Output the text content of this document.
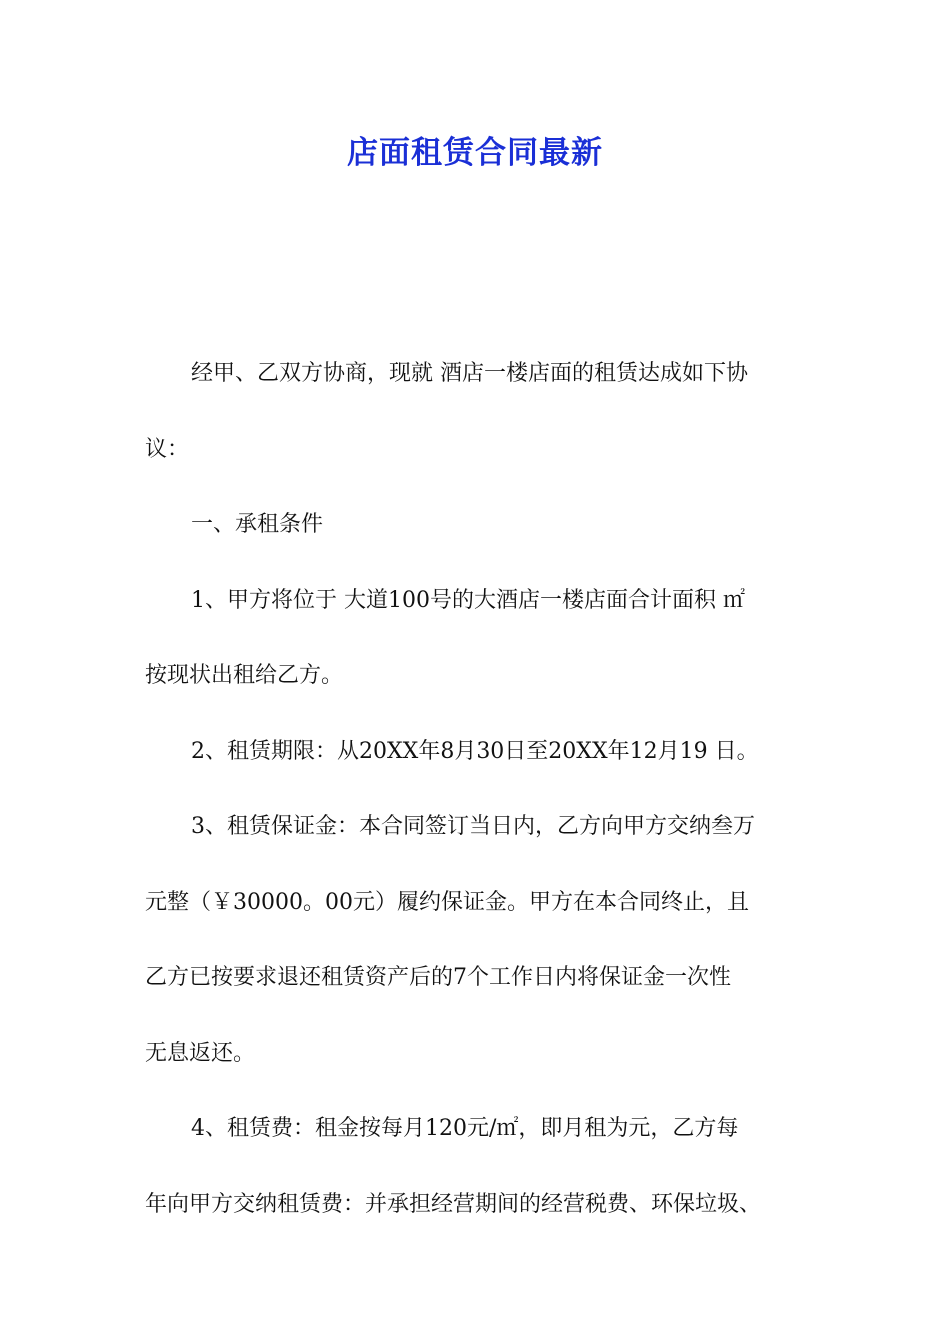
店面租赁合同最新
经甲、乙双方协商，现就 酒店一楼店面的租赁达成如下协
议：
一、承租条件
1、甲方将位于 大道100号的大酒店一楼店面合计面积 ㎡
按现状出租给乙方。
2、租赁期限：从20XX年8月30日至20XX年12月19 日。
3、租赁保证金：本合同签订当日内，乙方向甲方交纳叁万
元整（￥30000。00元）履约保证金。甲方在本合同终止，且
乙方已按要求退还租赁资产后的7个工作日内将保证金一次性
无息返还。
4、租赁费：租金按每月120元/㎡，即月租为元，乙方每
年向甲方交纳租赁费：并承担经营期间的经营税费、环保垃圾、
